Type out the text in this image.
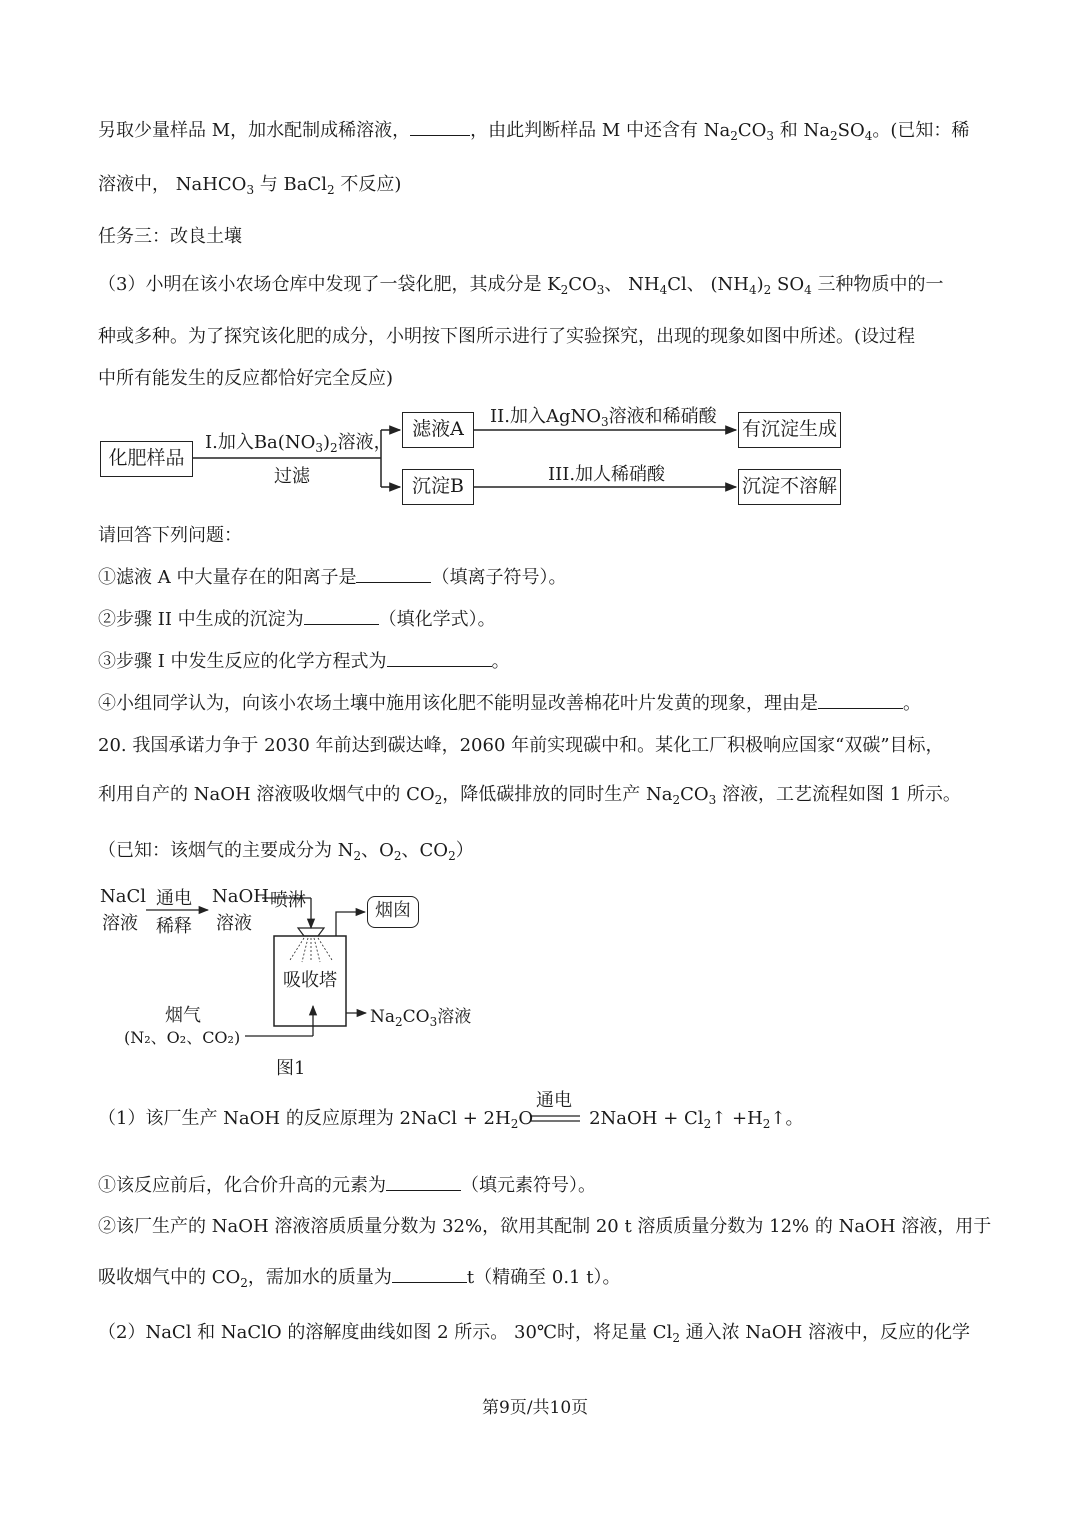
另取少量样品 M，加水配制成稀溶液，	，由此判断样品 M 中还含有 $Na_2CO_3$ 和 $Na_2SO_4$。(已知：稀
溶液中， NaHCO$_3$ 与 BaCl$_2$ 不反应)
任务三：改良土壤
（3）小明在该小农场仓库中发现了一袋化肥，其成分是 $K_2CO_3$、 $NH_4Cl$、 $(NH_4)_2$ $SO_4$ 三种物质中的一
种或多种。为了探究该化肥的成分，小明按下图所示进行了实验探究，出现的现象如图中所述。(设过程
中所有能发生的反应都恰好完全反应)
化肥样品
I.加入$Ba(NO_3)_2$溶液，
过滤
滤液A
沉淀B
II.加入AgNO$_3$溶液和稀硝酸
III.加人稀硝酸
有沉淀生成
沉淀不溶解
请回答下列问题：
①滤液 A 中大量存在的阳离子是	（填离子符号）。
②步骤 II 中生成的沉淀为	（填化学式）。
③步骤 I 中发生反应的化学方程式为	。
④小组同学认为，向该小农场土壤中施用该化肥不能明显改善棉花叶片发黄的现象，理由是	。
20. 我国承诺力争于 2030 年前达到碳达峰，2060 年前实现碳中和。某化工厂积极响应国家“双碳”目标，
利用自产的 NaOH 溶液吸收烟气中的 $CO_2$，降低碳排放的同时生产 $Na_2CO_3$ 溶液，工艺流程如图 1 所示。
（已知：该烟气的主要成分为 $N_2$、$O_2$、$CO_2$）
NaCl
溶液
通电
稀释
NaOH
溶液
喷淋	烟囱
吸收塔
烟气
(N₂、O₂、CO₂)
$Na_2CO_3$溶液
图1
（1）该厂生产 NaOH 的反应原理为 2NaCl + $2H_2O$	2NaOH + $Cl_2↑$ $+H_2↑$。
通电
①该反应前后，化合价升高的元素为	（填元素符号）。
②该厂生产的 NaOH 溶液溶质质量分数为 32%，欲用其配制 20 t 溶质质量分数为 12% 的 NaOH 溶液，用于
吸收烟气中的 $CO_2$，需加水的质量为	t（精确至 0.1 t）。
（2）NaCl 和 NaClO 的溶解度曲线如图 2 所示。 30℃时，将足量 $Cl_2$ 通入浓 NaOH 溶液中，反应的化学
第9页/共10页
